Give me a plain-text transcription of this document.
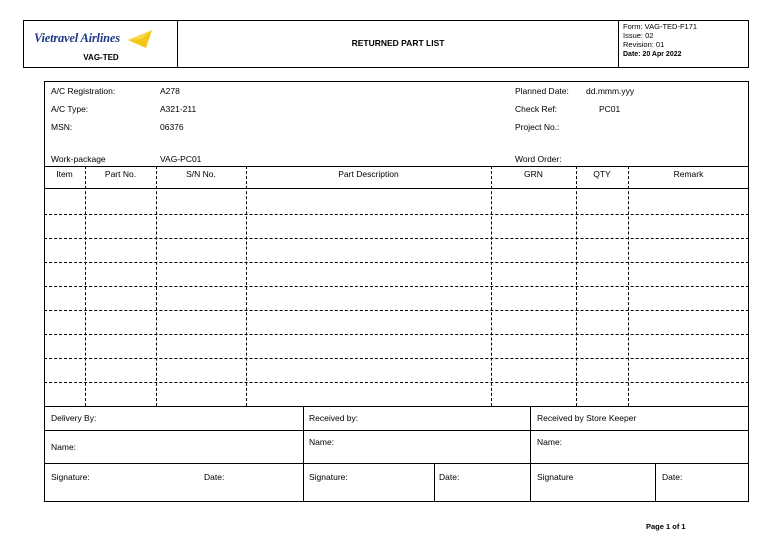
Vietravel Airlines
VAG-TED
RETURNED PART LIST
Form: VAG-TED-F171
Issue: 02
Revision: 01
Date: 20 Apr 2022
A/C Registration:	A278
A/C Type:	A321-211
MSN:	06376
Work-package	VAG-PC01
Planned Date: dd.mmm.yyy
Check Ref:	PC01
Project No.:
Word Order:
Item	Part No.	S/N No.	Part Description	GRN	QTY	Remark
Delivery By:	Received by:	Received by Store Keeper
Name:	Name:	Name:
Signature:	Date:	Signature:	Date:	Signature	Date:
Page 1 of 1
